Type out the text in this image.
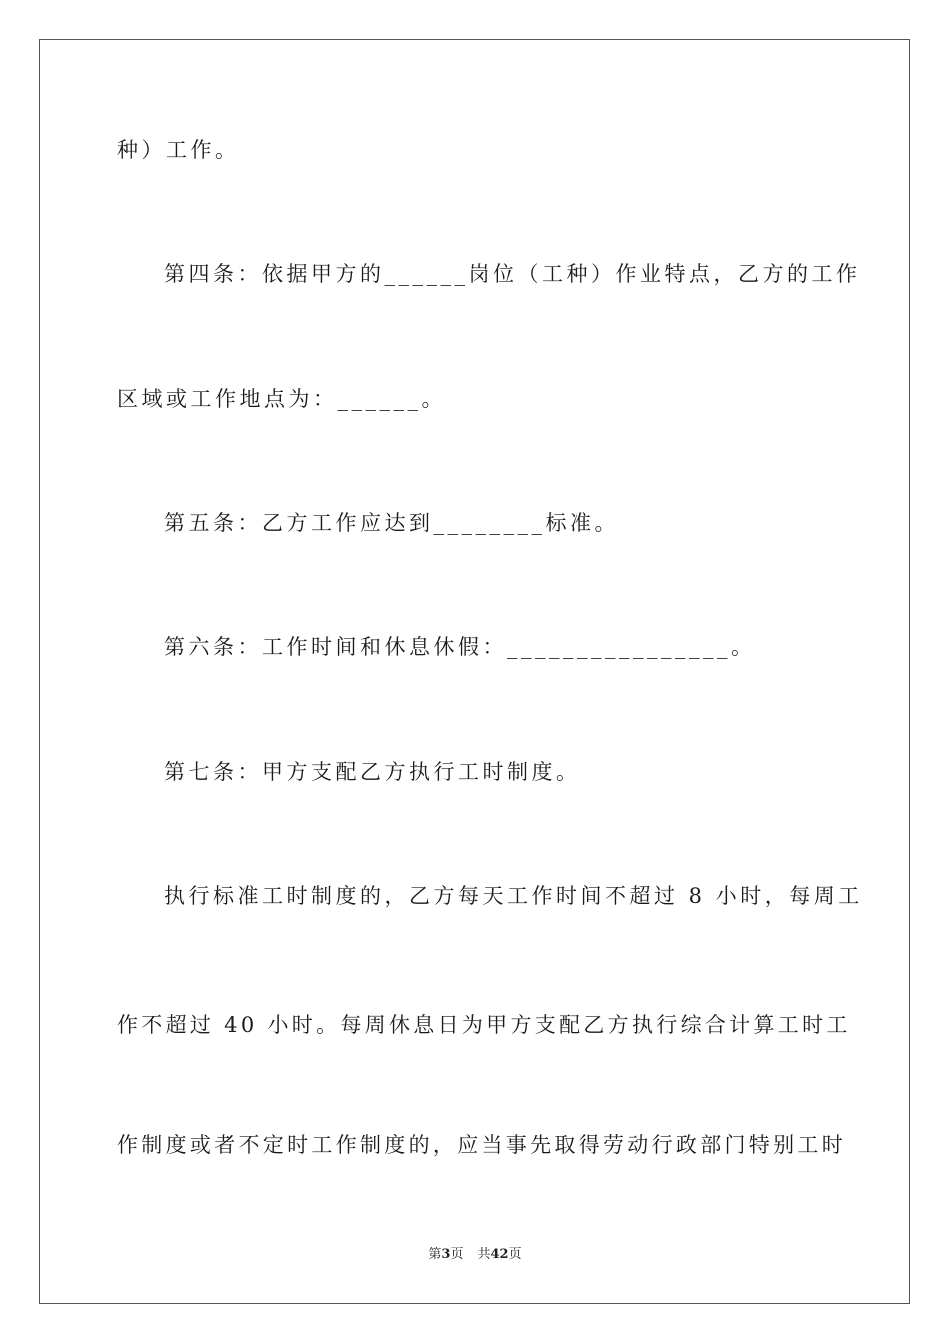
种）工作。
第四条：依据甲方的______岗位（工种）作业特点，乙方的工作
区域或工作地点为：______。
第五条：乙方工作应达到________标准。
第六条：工作时间和休息休假：________________。
第七条：甲方支配乙方执行工时制度。
执行标准工时制度的，乙方每天工作时间不超过 8 小时，每周工
作不超过 40 小时。每周休息日为甲方支配乙方执行综合计算工时工
作制度或者不定时工作制度的，应当事先取得劳动行政部门特别工时
第3页 共42页
